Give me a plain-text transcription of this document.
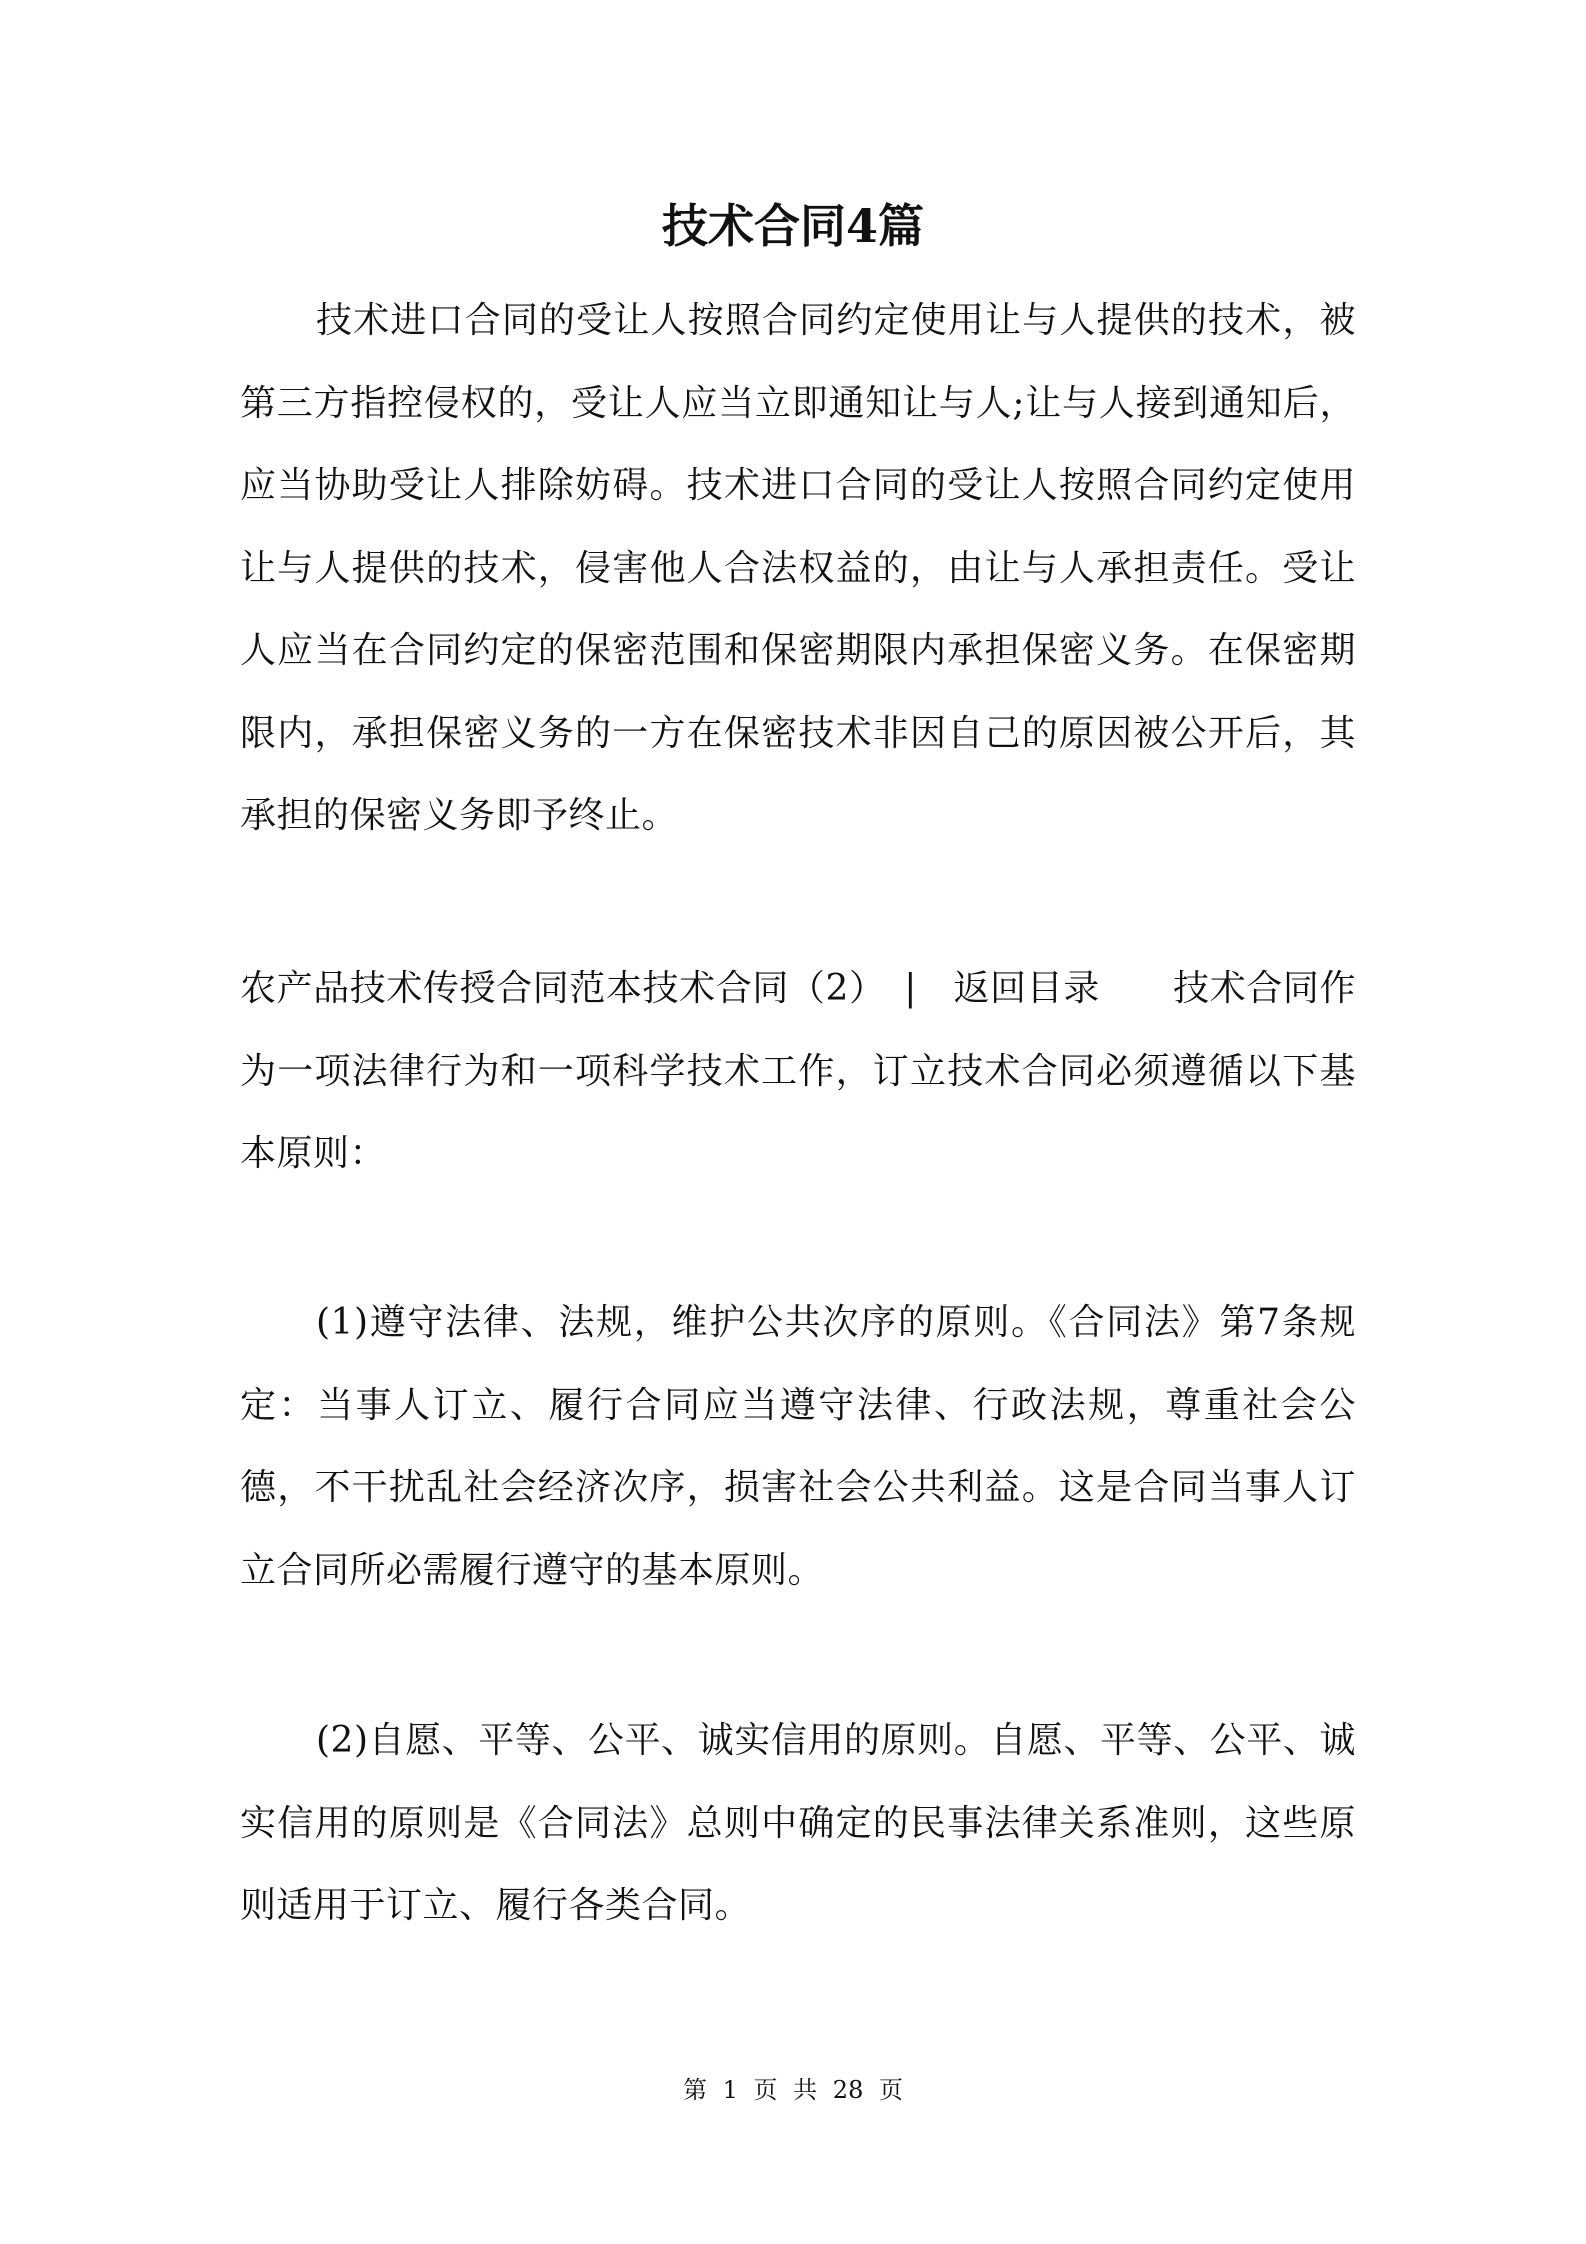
技术合同4篇

技术进口合同的受让人按照合同约定使用让与人提供的技术，被第三方指控侵权的，受让人应当立即通知让与人;让与人接到通知后，应当协助受让人排除妨碍。技术进口合同的受让人按照合同约定使用让与人提供的技术，侵害他人合法权益的，由让与人承担责任。受让人应当在合同约定的保密范围和保密期限内承担保密义务。在保密期限内，承担保密义务的一方在保密技术非因自己的原因被公开后，其承担的保密义务即予终止。

农产品技术传授合同范本技术合同（2）　|　返回目录　　技术合同作为一项法律行为和一项科学技术工作，订立技术合同必须遵循以下基本原则：

(1)遵守法律、法规，维护公共次序的原则。《合同法》第7条规定：当事人订立、履行合同应当遵守法律、行政法规，尊重社会公德，不干扰乱社会经济次序，损害社会公共利益。这是合同当事人订立合同所必需履行遵守的基本原则。

(2)自愿、平等、公平、诚实信用的原则。自愿、平等、公平、诚实信用的原则是《合同法》总则中确定的民事法律关系准则，这些原则适用于订立、履行各类合同。

第 1 页 共 28 页
